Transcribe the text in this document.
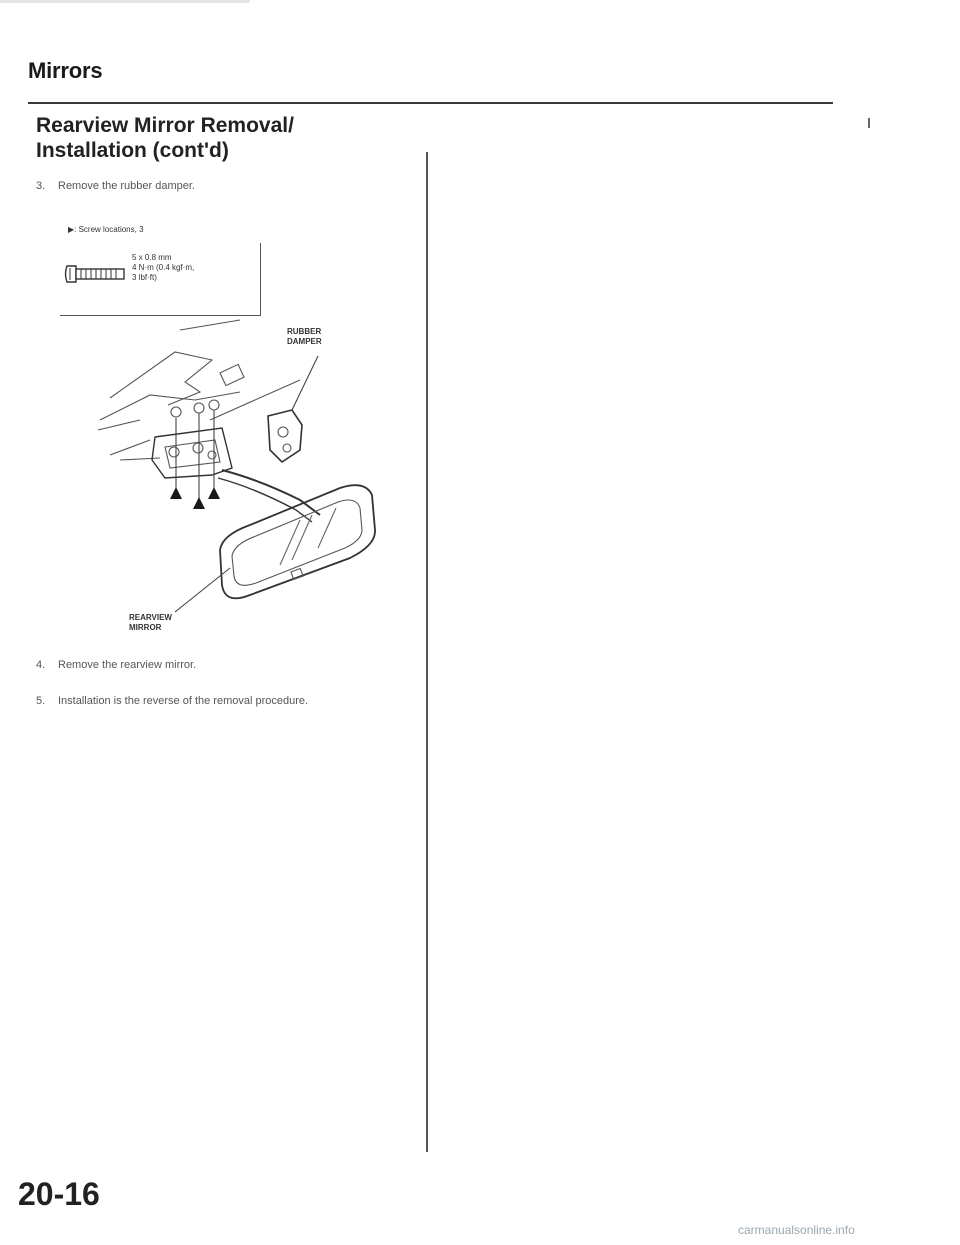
Mirrors
Rearview Mirror Removal/
Installation (cont'd)
3. Remove the rubber damper.
▶: Screw locations, 3
5 x 0.8 mm
4 N·m (0.4 kgf·m,
3 lbf·ft)
RUBBER
DAMPER
REARVIEW
MIRROR
4. Remove the rearview mirror.
5. Installation is the reverse of the removal procedure.
20-16
carmanualsonline.info
